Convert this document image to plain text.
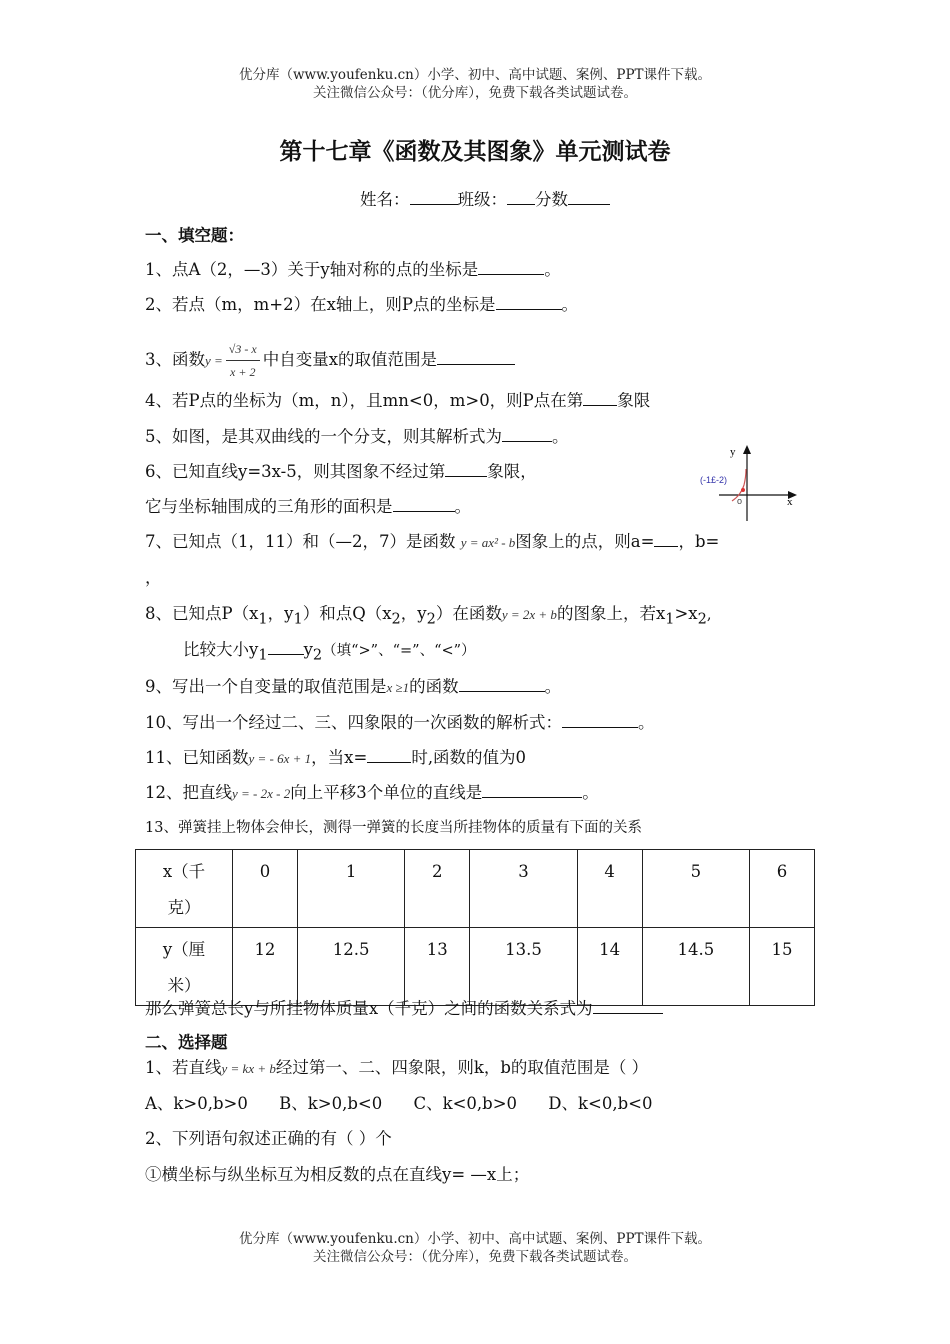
优分库（www.youfenku.cn）小学、初中、高中试题、案例、PPT课件下载。
关注微信公众号：（优分库），免费下载各类试题试卷。
第十七章《函数及其图象》单元测试卷
姓名：	班级： 分数
一、填空题：
1、点A（2，—3）关于y轴对称的点的坐标是	。
2、若点（m，m+2）在x轴上，则P点的坐标是	。
3、函数$y = \frac{√3 - x}{x + 2}$ 中自变量x的取值范围是
4、若P点的坐标为（m，n），且mn<0，m>0，则P点在第 象限
5、如图，是其双曲线的一个分支，则其解析式为	。
6、已知直线y=3x-5，则其图象不经过第	象限，
它与坐标轴围成的三角形的面积是	。
y
x
o
(-1£-2)
7、已知点（1，11）和（—2，7）是函数 y = ax² - b图象上的点，则a= ，b=
，
8、已知点$P(x_1$，$y_1$）和点$Q(x_2$，$y_2$）在函数y = 2x + b的图象上，若$x_1>x_2$,
比较大小$y_1$ $y_2$（填“>”、“=”、“<”）
9、写出一个自变量的取值范围是x ≥1的函数	。
10、写出一个经过二、三、四象限的一次函数的解析式：	。
11、已知函数y = - 6x + 1，当x=	时,函数的值为0
12、把直线y = - 2x - 2向上平移3个单位的直线是	。
13、弹簧挂上物体会伸长，测得一弹簧的长度当所挂物体的质量有下面的关系
x（千
克）	0	1	2	3	4	5	6
y（厘
米）	12	12.5	13	13.5	14	14.5	15
那么弹簧总长y与所挂物体质量x（千克）之间的函数关系式为
二、选择题
1、若直线y = kx + b经过第一、二、四象限，则k，b的取值范围是（ ）
A、k>0,b>0 B、k>0,b<0 C、k<0,b>0 D、k<0,b<0
2、下列语句叙述正确的有（ ）个
①横坐标与纵坐标互为相反数的点在直线y= —x上；
优分库（www.youfenku.cn）小学、初中、高中试题、案例、PPT课件下载。
关注微信公众号：（优分库），免费下载各类试题试卷。
